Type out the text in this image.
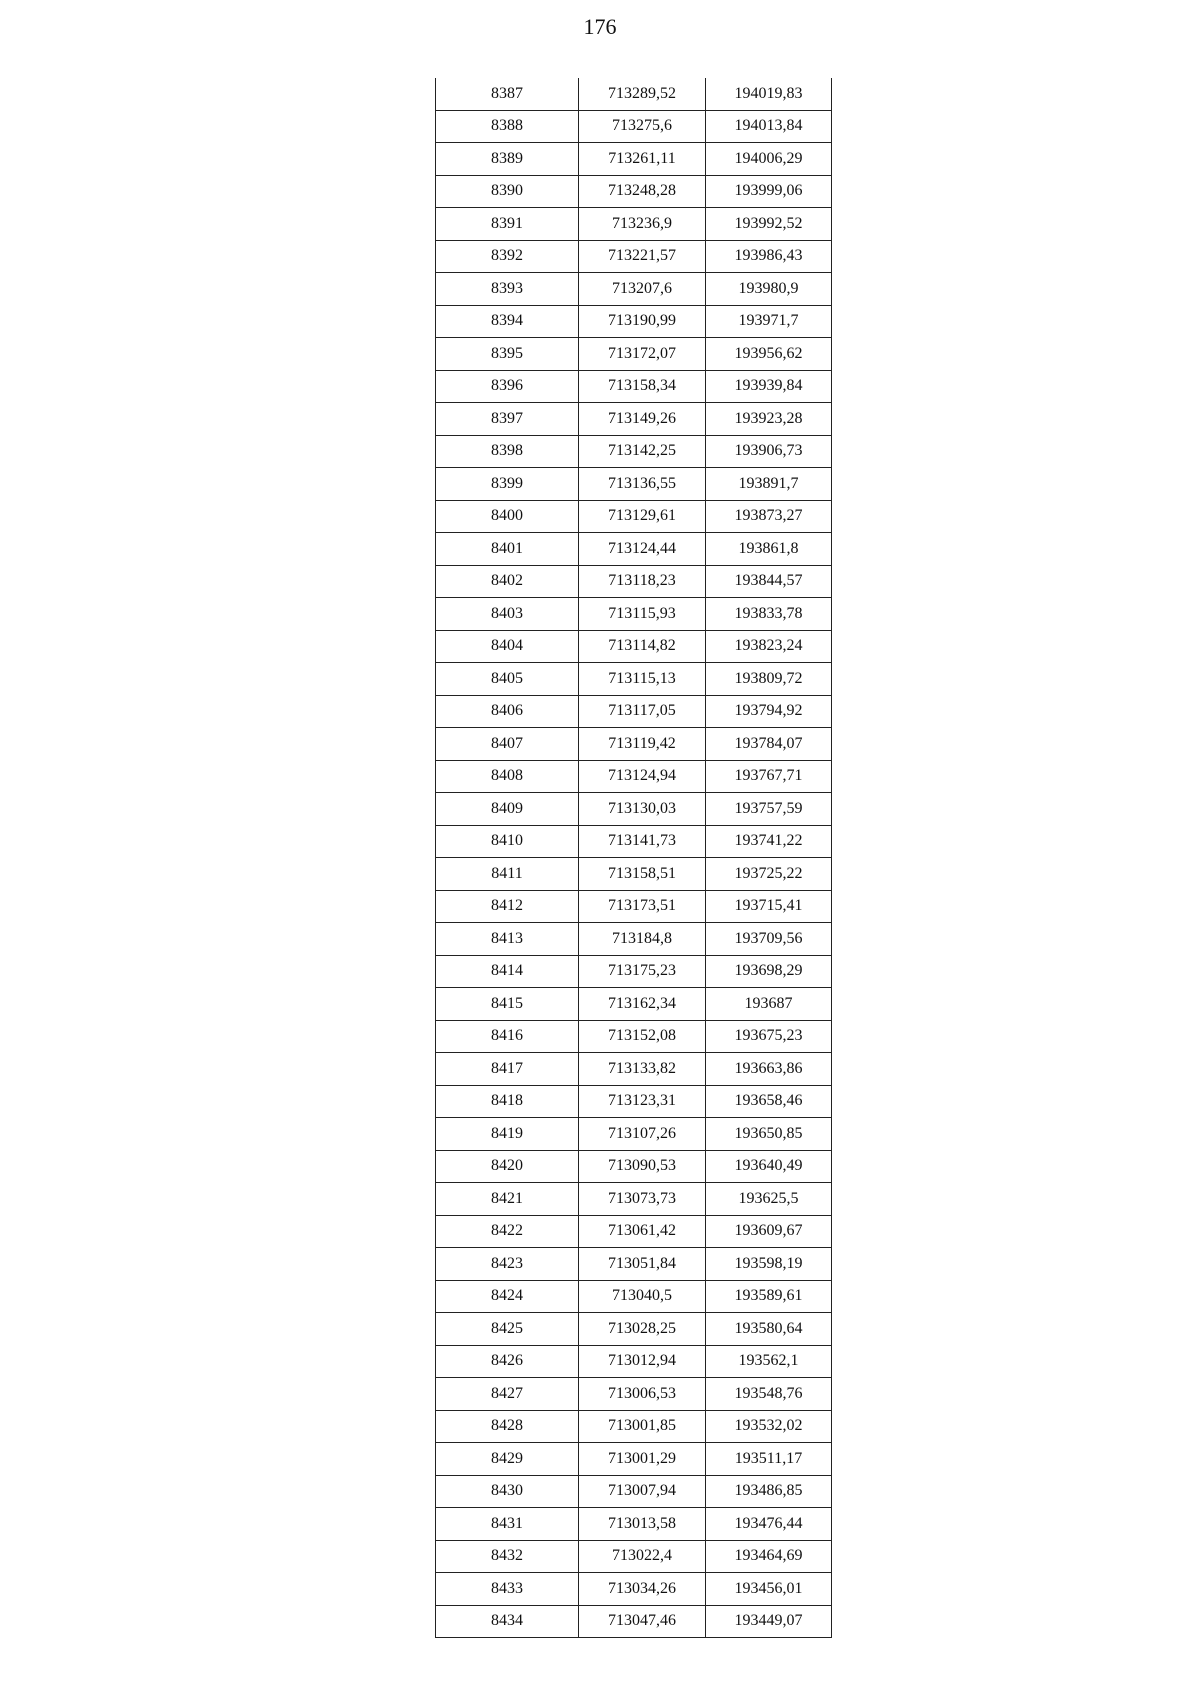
176
8387	713289,52	194019,83
8388	713275,6	194013,84
8389	713261,11	194006,29
8390	713248,28	193999,06
8391	713236,9	193992,52
8392	713221,57	193986,43
8393	713207,6	193980,9
8394	713190,99	193971,7
8395	713172,07	193956,62
8396	713158,34	193939,84
8397	713149,26	193923,28
8398	713142,25	193906,73
8399	713136,55	193891,7
8400	713129,61	193873,27
8401	713124,44	193861,8
8402	713118,23	193844,57
8403	713115,93	193833,78
8404	713114,82	193823,24
8405	713115,13	193809,72
8406	713117,05	193794,92
8407	713119,42	193784,07
8408	713124,94	193767,71
8409	713130,03	193757,59
8410	713141,73	193741,22
8411	713158,51	193725,22
8412	713173,51	193715,41
8413	713184,8	193709,56
8414	713175,23	193698,29
8415	713162,34	193687
8416	713152,08	193675,23
8417	713133,82	193663,86
8418	713123,31	193658,46
8419	713107,26	193650,85
8420	713090,53	193640,49
8421	713073,73	193625,5
8422	713061,42	193609,67
8423	713051,84	193598,19
8424	713040,5	193589,61
8425	713028,25	193580,64
8426	713012,94	193562,1
8427	713006,53	193548,76
8428	713001,85	193532,02
8429	713001,29	193511,17
8430	713007,94	193486,85
8431	713013,58	193476,44
8432	713022,4	193464,69
8433	713034,26	193456,01
8434	713047,46	193449,07
